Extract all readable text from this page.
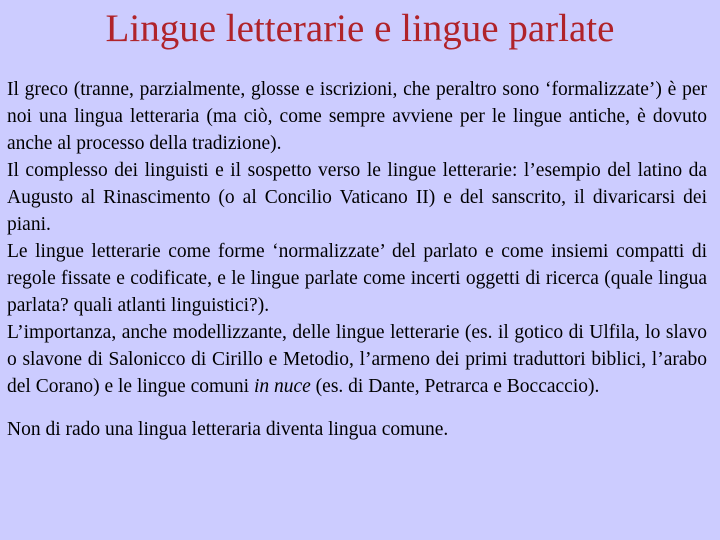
Lingue letterarie e lingue parlate

Il greco (tranne, parzialmente, glosse e iscrizioni, che peraltro sono ‘formalizzate’) è per noi una lingua letteraria (ma ciò, come sempre avviene per le lingue antiche, è dovuto anche al processo della tradizione).

Il complesso dei linguisti e il sospetto verso le lingue letterarie: l’esempio del latino da Augusto al Rinascimento (o al Concilio Vaticano II) e del sanscrito, il divaricarsi dei piani.

Le lingue letterarie come forme ‘normalizzate’ del parlato e come insiemi compatti di regole fissate e codificate, e le lingue parlate come incerti oggetti di ricerca (quale lingua parlata? quali atlanti linguistici?).

L’importanza, anche modellizzante, delle lingue letterarie (es. il gotico di Ulfila, lo slavo o slavone di Salonicco di Cirillo e Metodio, l’armeno dei primi traduttori biblici, l’arabo del Corano) e le lingue comuni in nuce (es. di Dante, Petrarca e Boccaccio).

Non di rado una lingua letteraria diventa lingua comune.
